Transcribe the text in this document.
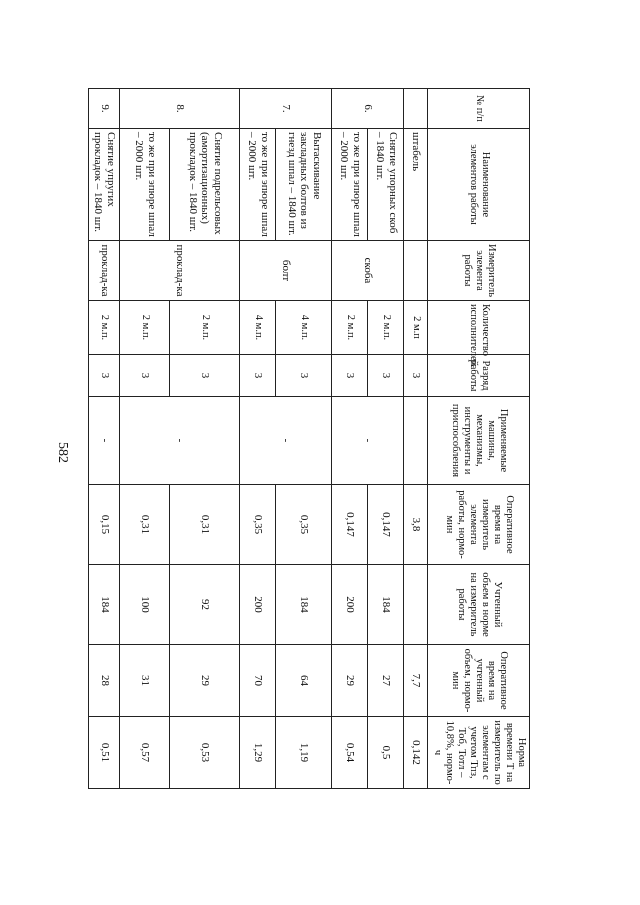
582
№ п/п	Наименование элементов работы	Измеритель элемента работы	Количество исполнителей	Разряд работы	Применяемые машины, механизмы, инструменты и приспособления	Оперативное время на измеритель элемента работы, нормо-мин	Учтенный объем в норме на измеритель работы	Оперативное время на учтенный объем, нормо-мин	Норма времени Т на измеритель по элементам с учетом Тпз, Тоб, Тотл – 10,8%, нормо-ч
	штабель		2 м.п	3		3,8		7,7	0,142
6.	Снятие упорных скоб – 1840 шт.	скоба	2 м.п.	3	-	0,147	184	27	0,5
	то же при эпюре шпал – 2000 шт.		2 м.п.	3		0,147	200	29	0,54
7.	Вытаскивание закладных болтов из гнезд шпал – 1840 шт.	болт	4 м.п.	3	-	0,35	184	64	1,19
	то же при эпюре шпал – 2000 шт.		4 м.п.	3		0,35	200	70	1,29
8.	Снятие подрельсовых (амортизационных) прокладок – 1840 шт.	проклад-ка	2 м.п.	3	-	0,31	92	29	0,53
	то же при эпюре шпал – 2000 шт.		2 м.п.	3		0,31	100	31	0,57
9.	Снятие упругих прокладок – 1840 шт.	проклад-ка	2 м.п.	3	-	0,15	184	28	0,51
